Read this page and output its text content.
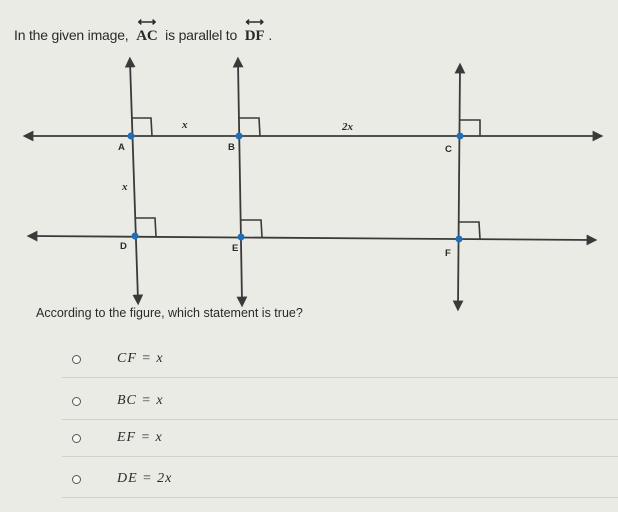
In the given image, ⟷ AC is parallel to ⟷ DF .
A	B	C
D	E	F
x	2x
x
According to the figure, which statement is true?
CF = x
BC = x
EF = x
DE = 2x
